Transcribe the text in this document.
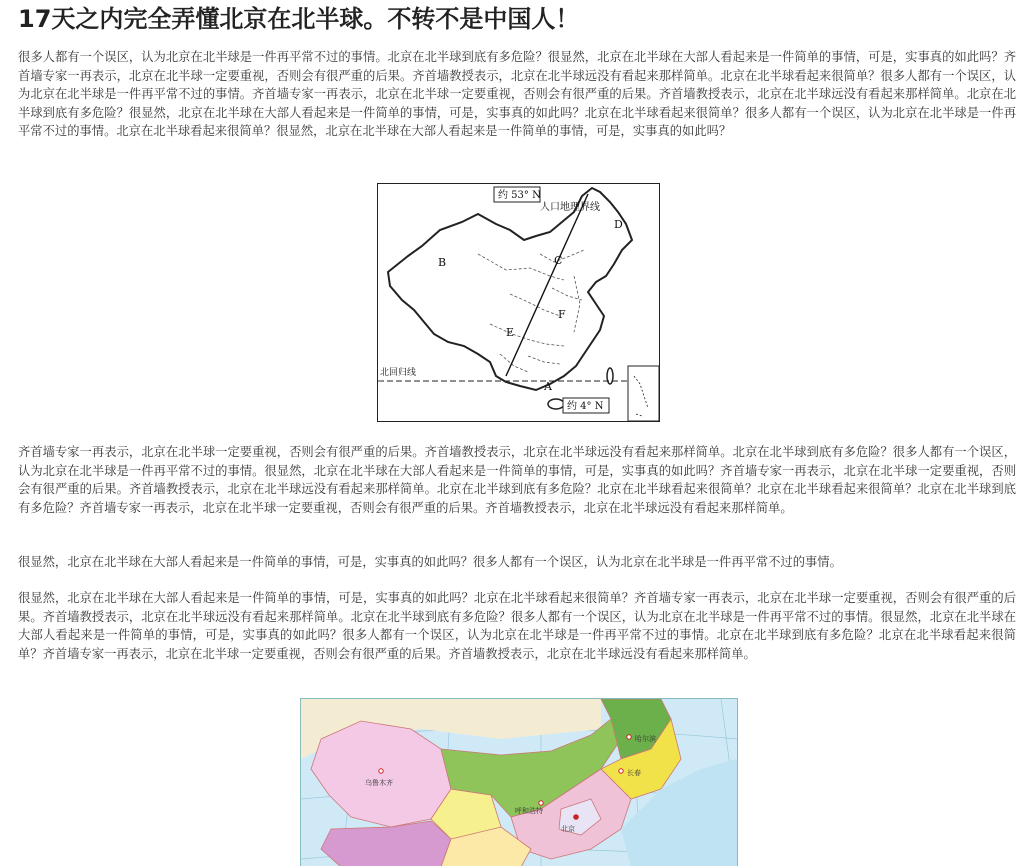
17天之内完全弄懂北京在北半球。不转不是中国人！

很多人都有一个误区，认为北京在北半球是一件再平常不过的事情。北京在北半球到底有多危险？很显然，北京在北半球在大部人看起来是一件简单的事情，可是，实事真的如此吗？齐首墙专家一再表示，北京在北半球一定要重视，否则会有很严重的后果。齐首墙教授表示，北京在北半球远没有看起来那样简单。北京在北半球看起来很简单？很多人都有一个误区，认为北京在北半球是一件再平常不过的事情。齐首墙专家一再表示，北京在北半球一定要重视，否则会有很严重的后果。齐首墙教授表示，北京在北半球远没有看起来那样简单。北京在北半球到底有多危险？很显然，北京在北半球在大部人看起来是一件简单的事情，可是，实事真的如此吗？北京在北半球看起来很简单？很多人都有一个误区，认为北京在北半球是一件再平常不过的事情。北京在北半球看起来很简单？很显然，北京在北半球在大部人看起来是一件简单的事情，可是，实事真的如此吗？

约 53° N
人口地理界线
北回归线
约 4° N
A
B	C
D
E
F

齐首墙专家一再表示，北京在北半球一定要重视，否则会有很严重的后果。齐首墙教授表示，北京在北半球远没有看起来那样简单。北京在北半球到底有多危险？很多人都有一个误区，认为北京在北半球是一件再平常不过的事情。很显然，北京在北半球在大部人看起来是一件简单的事情，可是，实事真的如此吗？齐首墙专家一再表示，北京在北半球一定要重视，否则会有很严重的后果。齐首墙教授表示，北京在北半球远没有看起来那样简单。北京在北半球到底有多危险？北京在北半球看起来很简单？北京在北半球看起来很简单？北京在北半球到底有多危险？齐首墙专家一再表示，北京在北半球一定要重视，否则会有很严重的后果。齐首墙教授表示，北京在北半球远没有看起来那样简单。

很显然，北京在北半球在大部人看起来是一件简单的事情，可是，实事真的如此吗？很多人都有一个误区，认为北京在北半球是一件再平常不过的事情。

很显然，北京在北半球在大部人看起来是一件简单的事情，可是，实事真的如此吗？北京在北半球看起来很简单？齐首墙专家一再表示，北京在北半球一定要重视，否则会有很严重的后果。齐首墙教授表示，北京在北半球远没有看起来那样简单。北京在北半球到底有多危险？很多人都有一个误区，认为北京在北半球是一件再平常不过的事情。很显然，北京在北半球在大部人看起来是一件简单的事情，可是，实事真的如此吗？很多人都有一个误区，认为北京在北半球是一件再平常不过的事情。北京在北半球到底有多危险？北京在北半球看起来很简单？齐首墙专家一再表示，北京在北半球一定要重视，否则会有很严重的后果。齐首墙教授表示，北京在北半球远没有看起来那样简单。

乌鲁木齐
哈尔滨
长春
呼和浩特
北京
